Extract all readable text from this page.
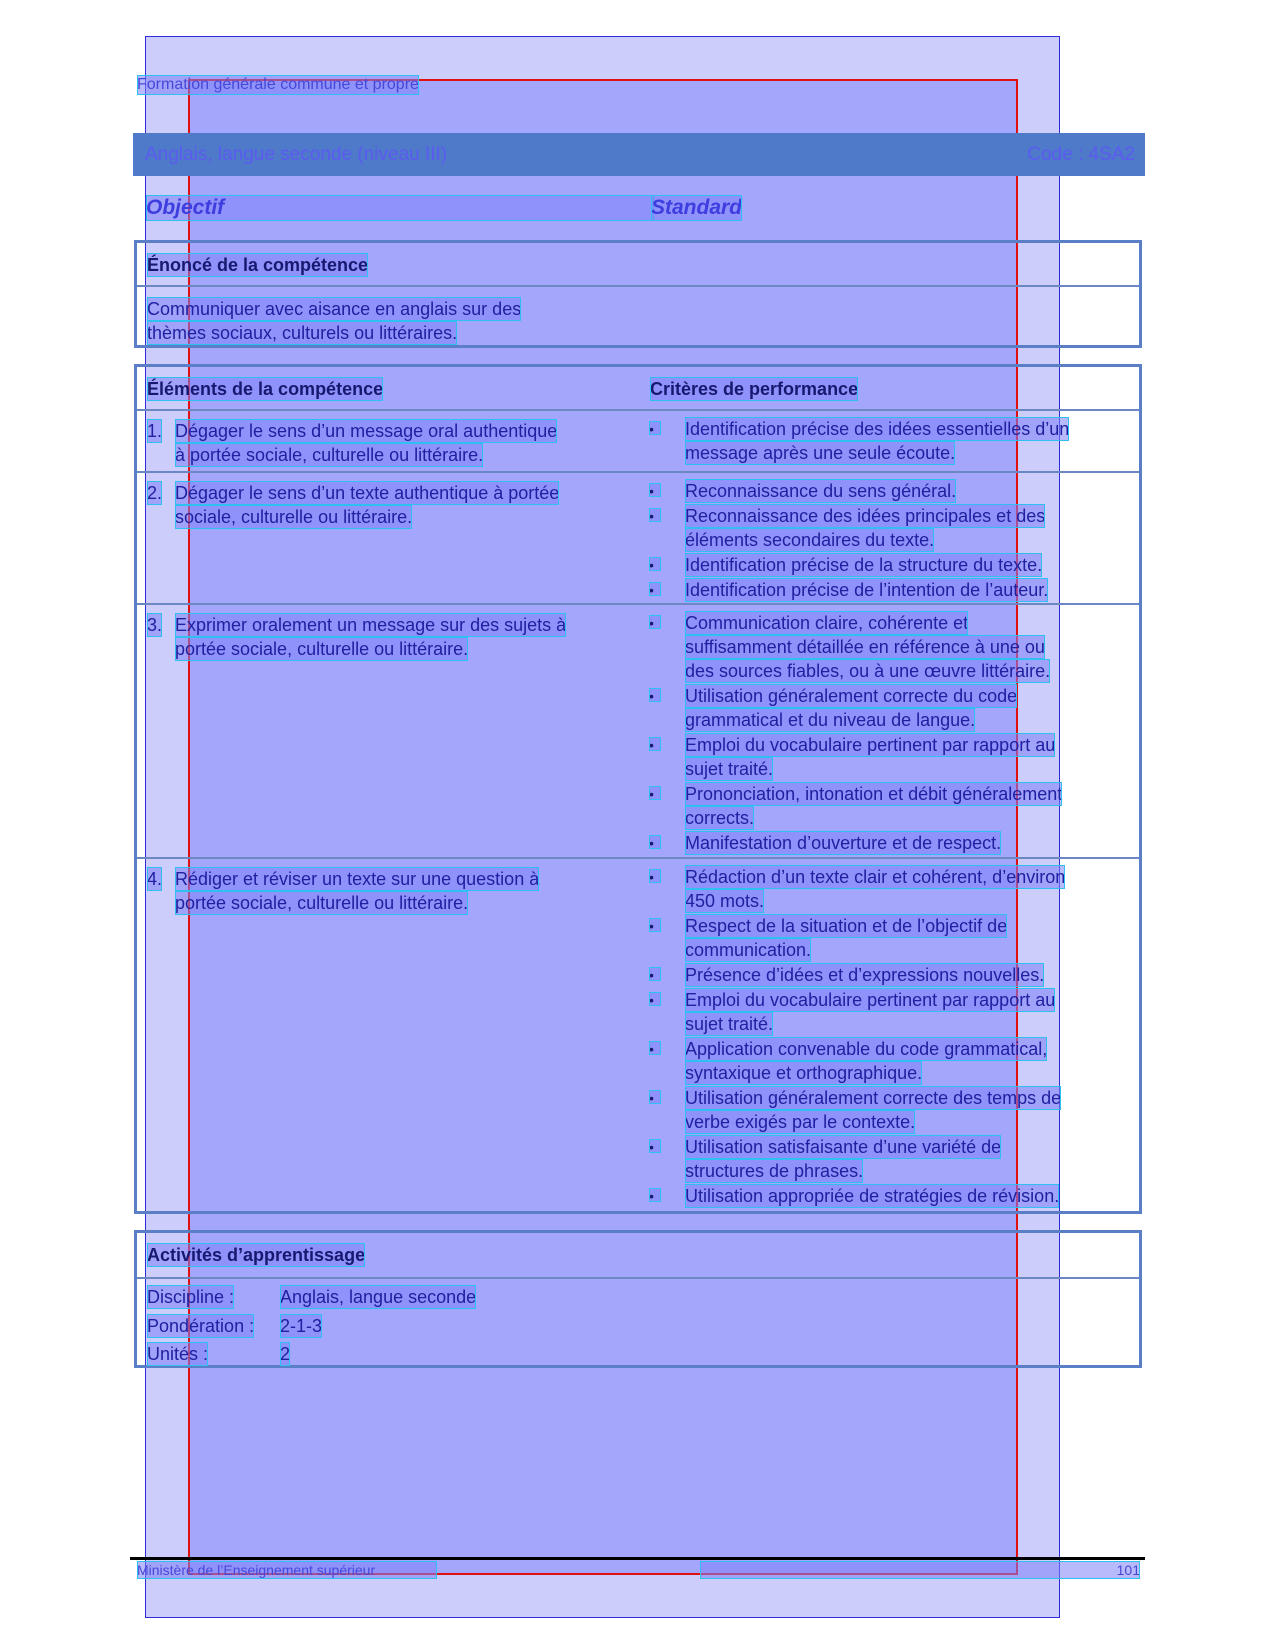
Formation générale commune et propre
Anglais, langue seconde (niveau III)	Code : 4SA2
Objectif	Standard
Énoncé de la compétence
Communiquer avec aisance en anglais sur des
thèmes sociaux, culturels ou littéraires.
Éléments de la compétence	Critères de performance
1. Dégager le sens d’un message oral authentique
à portée sociale, culturelle ou littéraire.
•	Identification précise des idées essentielles d’un
message après une seule écoute.
2. Dégager le sens d’un texte authentique à portée
sociale, culturelle ou littéraire.
•	Reconnaissance du sens général.
•	Reconnaissance des idées principales et des
éléments secondaires du texte.
•	Identification précise de la structure du texte.
•	Identification précise de l’intention de l’auteur.
3. Exprimer oralement un message sur des sujets à
portée sociale, culturelle ou littéraire.
•	Communication claire, cohérente et
suffisamment détaillée en référence à une ou
des sources fiables, ou à une œuvre littéraire.
•	Utilisation généralement correcte du code
grammatical et du niveau de langue.
•	Emploi du vocabulaire pertinent par rapport au
sujet traité.
•	Prononciation, intonation et débit généralement
corrects.
•	Manifestation d’ouverture et de respect.
4. Rédiger et réviser un texte sur une question à
portée sociale, culturelle ou littéraire.
•	Rédaction d’un texte clair et cohérent, d’environ
450 mots.
•	Respect de la situation et de l’objectif de
communication.
•	Présence d’idées et d’expressions nouvelles.
•	Emploi du vocabulaire pertinent par rapport au
sujet traité.
•	Application convenable du code grammatical,
syntaxique et orthographique.
•	Utilisation généralement correcte des temps de
verbe exigés par le contexte.
•	Utilisation satisfaisante d’une variété de
structures de phrases.
•	Utilisation appropriée de stratégies de révision.
Activités d’apprentissage
Discipline :	Anglais, langue seconde
Pondération : 2-1-3
Unités :	2
Ministère de l’Enseignement supérieur	101
